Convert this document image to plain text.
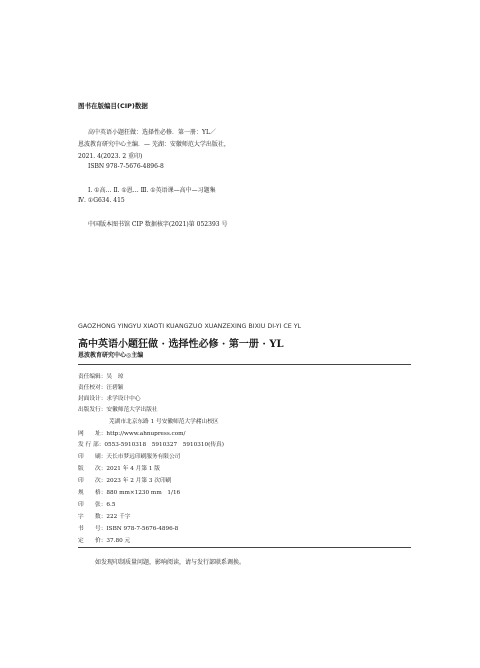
图书在版编目(CIP)数据
高中英语小题狂做：选择性必修．第一册：YL／
恩波教育研究中心主编．— 芜湖：安徽师范大学出版社，
2021. 4(2023. 2 重印)
ISBN 978-7-5676-4896-8
Ⅰ. ①高… Ⅱ. ①恩… Ⅲ. ①英语课—高中—习题集
Ⅳ. ①G634. 415
中国版本图书馆 CIP 数据核字(2021)第 052393 号
GAOZHONG YINGYU XIAOTI KUANGZUO XUANZEXING BIXIU DI-YI CE YL
高中英语小题狂做 · 选择性必修 · 第一册 · YL
恩波教育研究中心◎主编
责任编辑：吴　琼
责任校对：汪碧颖
封面设计：求学设计中心
出版发行：安徽师范大学出版社
芜湖市北京东路 1 号安徽师范大学赭山校区
网　　址：http://www.ahnupress.com/
发 行 部：0553-5910318　5910327　5910310(传真)
印　　刷：天长市梦远印刷服务有限公司
版　　次：2021 年 4 月第 1 版
印　　次：2023 年 2 月第 3 次印刷
规　　格：880 mm×1230 mm　1/16
印　　张：6.5
字　　数：222 千字
书　　号：ISBN 978-7-5676-4896-8
定　　价：37.80 元
如发现印制质量问题，影响阅读，请与发行部联系调换。
